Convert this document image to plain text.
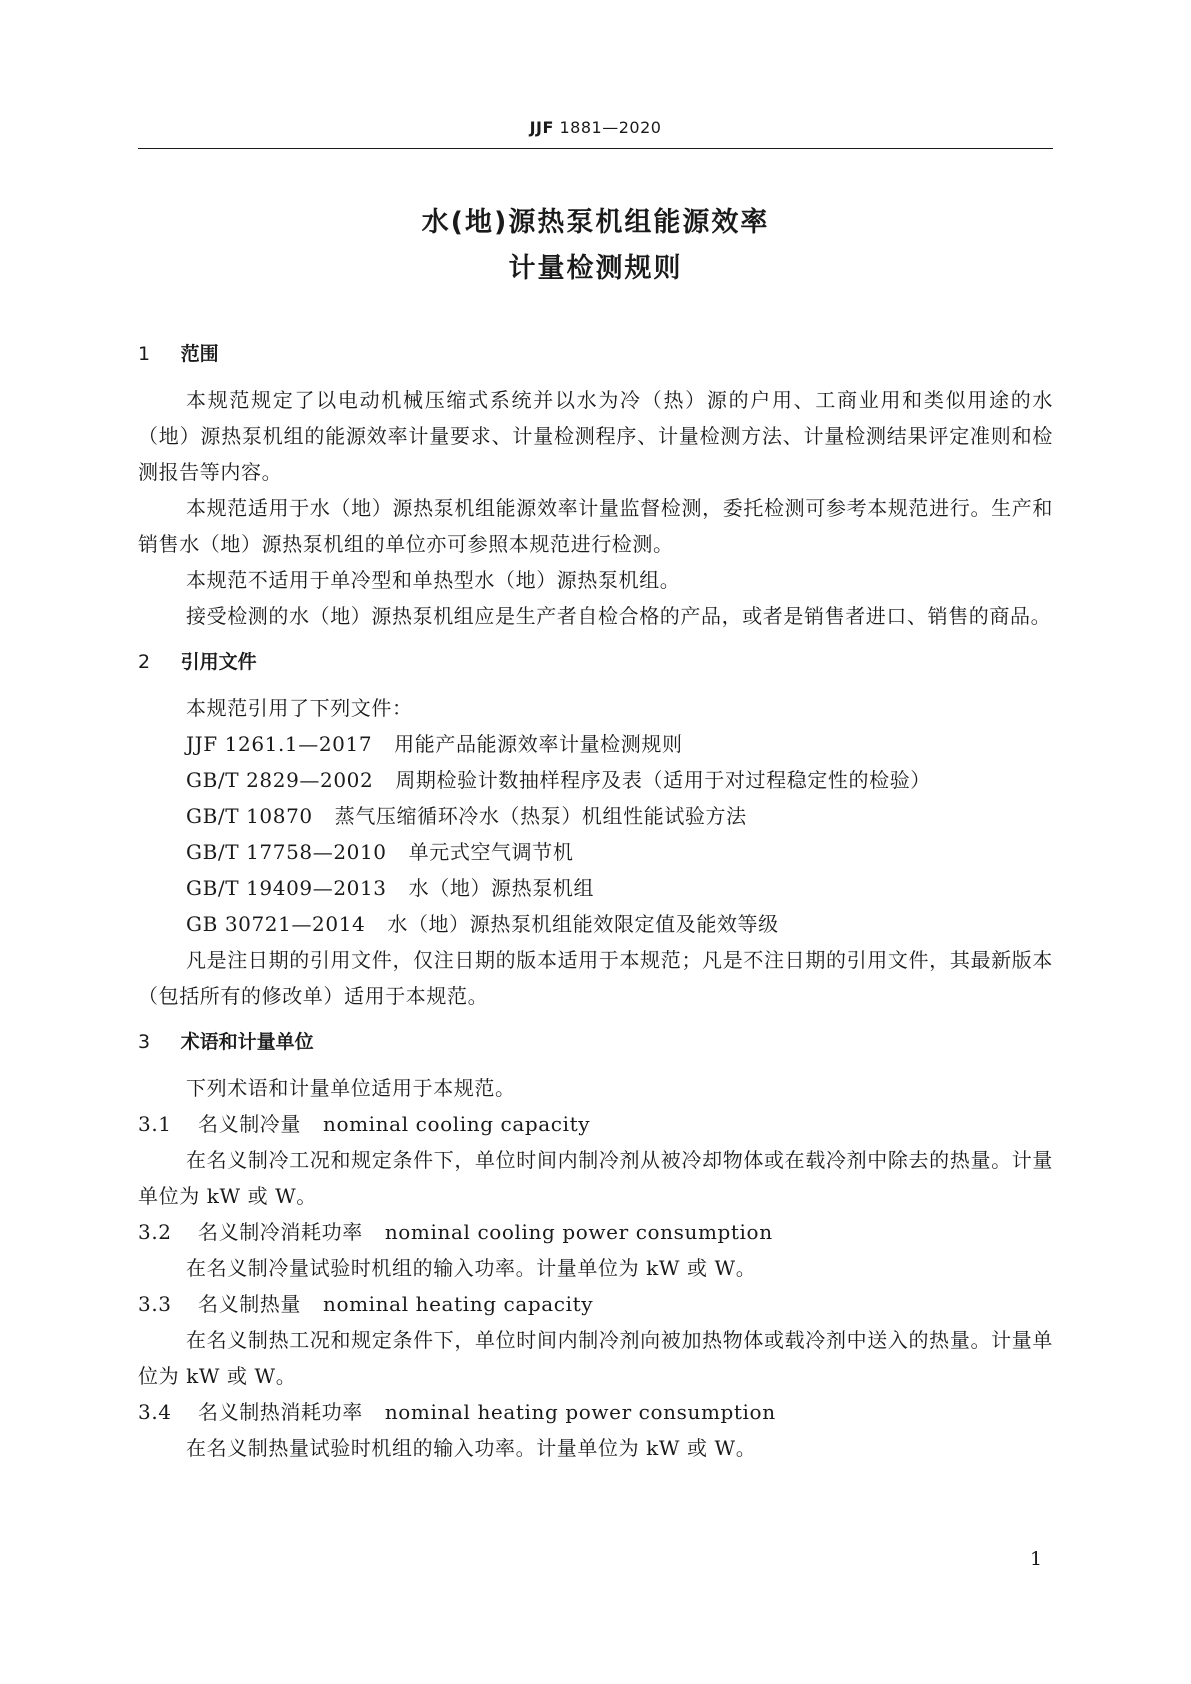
JJF 1881—2020
水(地)源热泵机组能源效率
计量检测规则
1 范围

本规范规定了以电动机械压缩式系统并以水为冷（热）源的户用、工商业用和类似用途的水（地）源热泵机组的能源效率计量要求、计量检测程序、计量检测方法、计量检测结果评定准则和检测报告等内容。

本规范适用于水（地）源热泵机组能源效率计量监督检测，委托检测可参考本规范进行。生产和销售水（地）源热泵机组的单位亦可参照本规范进行检测。

本规范不适用于单冷型和单热型水（地）源热泵机组。

接受检测的水（地）源热泵机组应是生产者自检合格的产品，或者是销售者进口、销售的商品。

2 引用文件

本规范引用了下列文件：

JJF 1261.1—2017 用能产品能源效率计量检测规则

GB/T 2829—2002 周期检验计数抽样程序及表（适用于对过程稳定性的检验）

GB/T 10870 蒸气压缩循环冷水（热泵）机组性能试验方法

GB/T 17758—2010 单元式空气调节机

GB/T 19409—2013 水（地）源热泵机组

GB 30721—2014 水（地）源热泵机组能效限定值及能效等级

凡是注日期的引用文件，仅注日期的版本适用于本规范；凡是不注日期的引用文件，其最新版本（包括所有的修改单）适用于本规范。

3 术语和计量单位

下列术语和计量单位适用于本规范。

3.1 名义制冷量 nominal cooling capacity

在名义制冷工况和规定条件下，单位时间内制冷剂从被冷却物体或在载冷剂中除去的热量。计量单位为 kW 或 W。

3.2 名义制冷消耗功率 nominal cooling power consumption

在名义制冷量试验时机组的输入功率。计量单位为 kW 或 W。

3.3 名义制热量 nominal heating capacity

在名义制热工况和规定条件下，单位时间内制冷剂向被加热物体或载冷剂中送入的热量。计量单位为 kW 或 W。

3.4 名义制热消耗功率 nominal heating power consumption

在名义制热量试验时机组的输入功率。计量单位为 kW 或 W。

1
